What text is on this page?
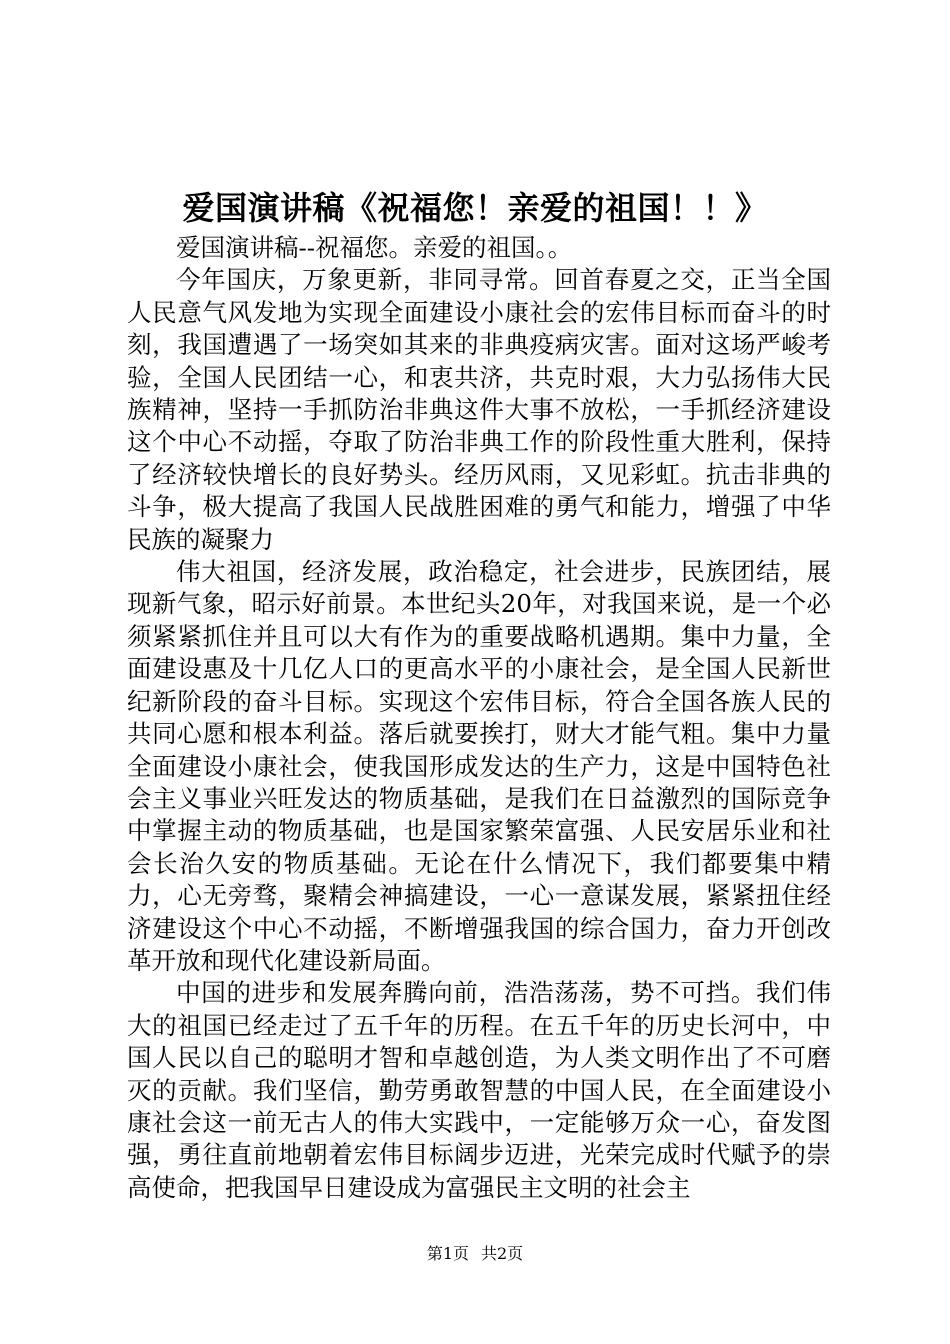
爱国演讲稿《祝福您！亲爱的祖国！！》

爱国演讲稿--祝福您。亲爱的祖国。。

今年国庆，万象更新，非同寻常。回首春夏之交，正当全国人民意气风发地为实现全面建设小康社会的宏伟目标而奋斗的时刻，我国遭遇了一场突如其来的非典疫病灾害。面对这场严峻考验，全国人民团结一心，和衷共济，共克时艰，大力弘扬伟大民族精神，坚持一手抓防治非典这件大事不放松，一手抓经济建设这个中心不动摇，夺取了防治非典工作的阶段性重大胜利，保持了经济较快增长的良好势头。经历风雨，又见彩虹。抗击非典的斗争，极大提高了我国人民战胜困难的勇气和能力，增强了中华民族的凝聚力

伟大祖国，经济发展，政治稳定，社会进步，民族团结，展现新气象，昭示好前景。本世纪头20年，对我国来说，是一个必须紧紧抓住并且可以大有作为的重要战略机遇期。集中力量，全面建设惠及十几亿人口的更高水平的小康社会，是全国人民新世纪新阶段的奋斗目标。实现这个宏伟目标，符合全国各族人民的共同心愿和根本利益。落后就要挨打，财大才能气粗。集中力量全面建设小康社会，使我国形成发达的生产力，这是中国特色社会主义事业兴旺发达的物质基础，是我们在日益激烈的国际竞争中掌握主动的物质基础，也是国家繁荣富强、人民安居乐业和社会长治久安的物质基础。无论在什么情况下，我们都要集中精力，心无旁骛，聚精会神搞建设，一心一意谋发展，紧紧扭住经济建设这个中心不动摇，不断增强我国的综合国力，奋力开创改革开放和现代化建设新局面。

中国的进步和发展奔腾向前，浩浩荡荡，势不可挡。我们伟大的祖国已经走过了五千年的历程。在五千年的历史长河中，中国人民以自己的聪明才智和卓越创造，为人类文明作出了不可磨灭的贡献。我们坚信，勤劳勇敢智慧的中国人民，在全面建设小康社会这一前无古人的伟大实践中，一定能够万众一心，奋发图强，勇往直前地朝着宏伟目标阔步迈进，光荣完成时代赋予的崇高使命，把我国早日建设成为富强民主文明的社会主

第1页 共2页
